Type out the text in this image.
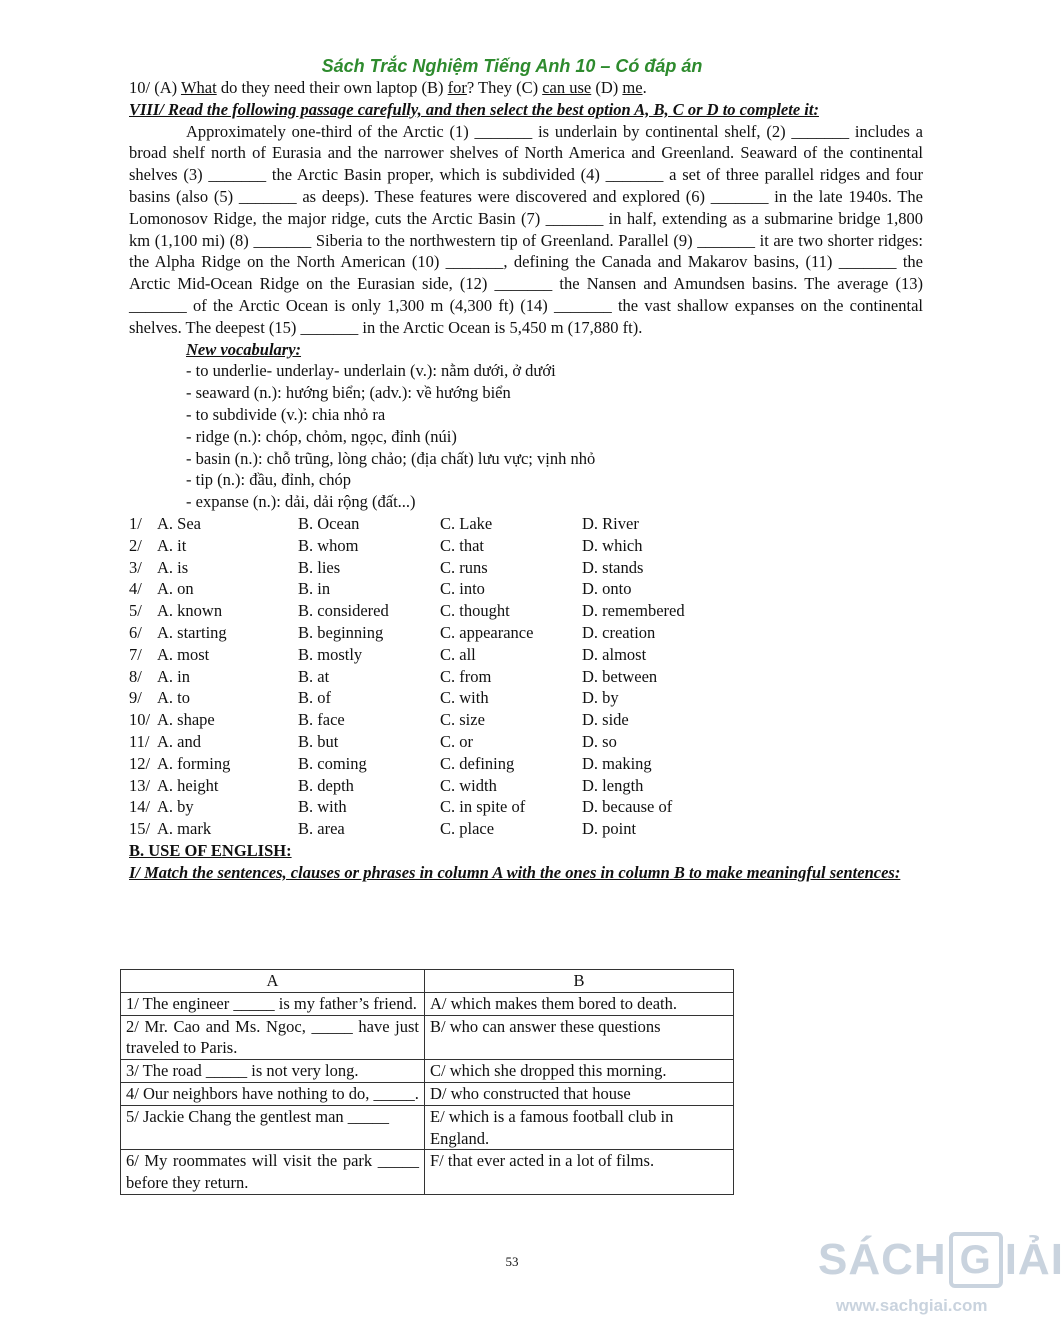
Sách Trắc Nghiệm Tiếng Anh 10 – Có đáp án

10/ (A) What do they need their own laptop (B) for? They (C) can use (D) me.

VIII/ Read the following passage carefully, and then select the best option A, B, C or D to complete it:

Approximately one-third of the Arctic (1) _______ is underlain by continental shelf, (2) _______ includes a broad shelf north of Eurasia and the narrower shelves of North America and Greenland. Seaward of the continental shelves (3) _______ the Arctic Basin proper, which is subdivided (4) _______ a set of three parallel ridges and four basins (also (5) _______ as deeps). These features were discovered and explored (6) _______ in the late 1940s. The Lomonosov Ridge, the major ridge, cuts the Arctic Basin (7) _______ in half, extending as a submarine bridge 1,800 km (1,100 mi) (8) _______ Siberia to the northwestern tip of Greenland. Parallel (9) _______ it are two shorter ridges: the Alpha Ridge on the North American (10) _______, defining the Canada and Makarov basins, (11) _______ the Arctic Mid-Ocean Ridge on the Eurasian side, (12) _______ the Nansen and Amundsen basins. The average (13) _______ of the Arctic Ocean is only 1,300 m (4,300 ft) (14) _______ the vast shallow expanses on the continental shelves. The deepest (15) _______ in the Arctic Ocean is 5,450 m (17,880 ft).

New vocabulary:

- to underlie- underlay- underlain (v.): nằm dưới, ở dưới

- seaward (n.): hướng biển; (adv.): về hướng biển

- to subdivide (v.): chia nhỏ ra

- ridge (n.): chóp, chỏm, ngọc, đỉnh (núi)

- basin (n.): chỗ trũng, lòng chảo; (địa chất) lưu vực; vịnh nhỏ

- tip (n.): đầu, đỉnh, chóp

- expanse (n.): dải, dải rộng (đất...)

1/ A. Sea	B. Ocean	C. Lake	D. River
2/ A. it	B. whom	C. that	D. which
3/ A. is	B. lies	C. runs	D. stands
4/ A. on	B. in	C. into	D. onto
5/ A. known	B. considered	C. thought	D. remembered
6/ A. starting	B. beginning	C. appearance	D. creation
7/ A. most	B. mostly	C. all	D. almost
8/ A. in	B. at	C. from	D. between
9/ A. to	B. of	C. with	D. by
10/ A. shape	B. face	C. size	D. side
11/ A. and	B. but	C. or	D. so
12/ A. forming	B. coming	C. defining	D. making
13/ A. height	B. depth	C. width	D. length
14/ A. by	B. with	C. in spite of	D. because of
15/ A. mark	B. area	C. place	D. point

B. USE OF ENGLISH:

I/ Match the sentences, clauses or phrases in column A with the ones in column B to make meaningful sentences:

A	B
1/ The engineer _____ is my father’s friend.	A/ which makes them bored to death.
2/ Mr. Cao and Ms. Ngoc, _____ have just traveled to Paris.	B/ who can answer these questions
3/ The road _____ is not very long.	C/ which she dropped this morning.
4/ Our neighbors have nothing to do, _____.	D/ who constructed that house
5/ Jackie Chang the gentlest man _____	E/ which is a famous football club in England.
6/ My roommates will visit the park _____ before they return.	F/ that ever acted in a lot of films.
53	SÁCH G IẢI
www.sachgiai.com
